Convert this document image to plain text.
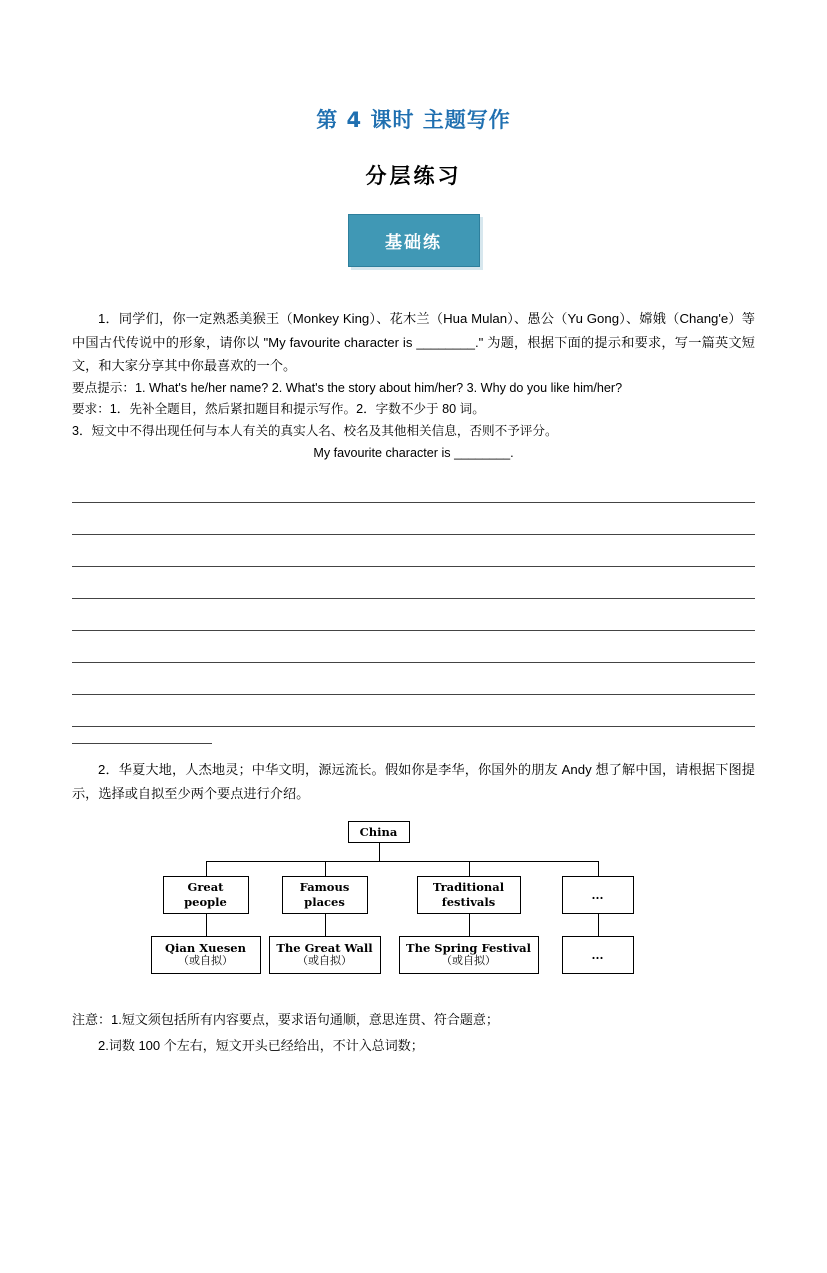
第 4 课时 主题写作
分层练习
基础练

1．同学们，你一定熟悉美猴王（Monkey King）、花木兰（Hua Mulan）、愚公（Yu Gong）、嫦娥（Chang'e）等中国古代传说中的形象，请你以 "My favourite character is ________." 为题，根据下面的提示和要求，写一篇英文短文，和大家分享其中你最喜欢的一个。

要点提示：1. What's he/her name? 2. What's the story about him/her? 3. Why do you like him/her?

要求：1．先补全题目，然后紧扣题目和提示写作。2．字数不少于 80 词。

3．短文中不得出现任何与本人有关的真实人名、校名及其他相关信息，否则不予评分。

My favourite character is ________.

2．华夏大地，人杰地灵；中华文明，源远流长。假如你是李华，你国外的朋友 Andy 想了解中国，请根据下图提示，选择或自拟至少两个要点进行介绍。

China
Great people
Famous places
Traditional festivals
...
Qian Xuesen
（或自拟）
The Great Wall
（或自拟）
The Spring Festival
（或自拟）	...

注意：1.短文须包括所有内容要点，要求语句通顺，意思连贯、符合题意；

2.词数 100 个左右，短文开头已经给出，不计入总词数；
